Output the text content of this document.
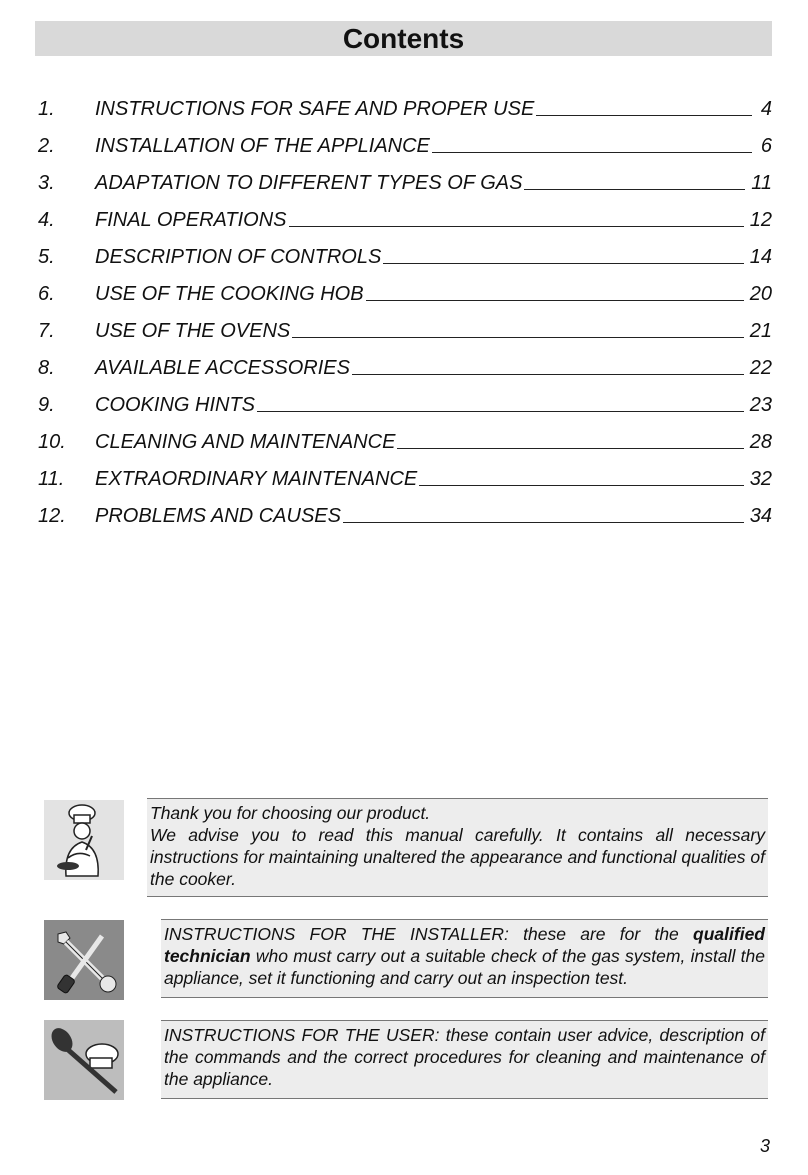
Contents
1.	INSTRUCTIONS FOR SAFE AND PROPER USE	4
2.	INSTALLATION OF THE APPLIANCE	6
3.	ADAPTATION TO DIFFERENT TYPES OF GAS	11
4.	FINAL OPERATIONS	12
5.	DESCRIPTION OF CONTROLS	14
6.	USE OF THE COOKING HOB	20
7.	USE OF THE OVENS	21
8.	AVAILABLE ACCESSORIES	22
9.	COOKING HINTS	23
10.	CLEANING AND MAINTENANCE	28
11.	EXTRAORDINARY MAINTENANCE	32
12.	PROBLEMS AND CAUSES	34

Thank you for choosing our product.

We advise you to read this manual carefully. It contains all necessary instructions for maintaining unaltered the appearance and functional qualities of the cooker.

INSTRUCTIONS FOR THE INSTALLER: these are for the qualified technician who must carry out a suitable check of the gas system, install the appliance, set it functioning and carry out an inspection test.

INSTRUCTIONS FOR THE USER: these contain user advice, description of the commands and the correct procedures for cleaning and maintenance of the appliance.

3
